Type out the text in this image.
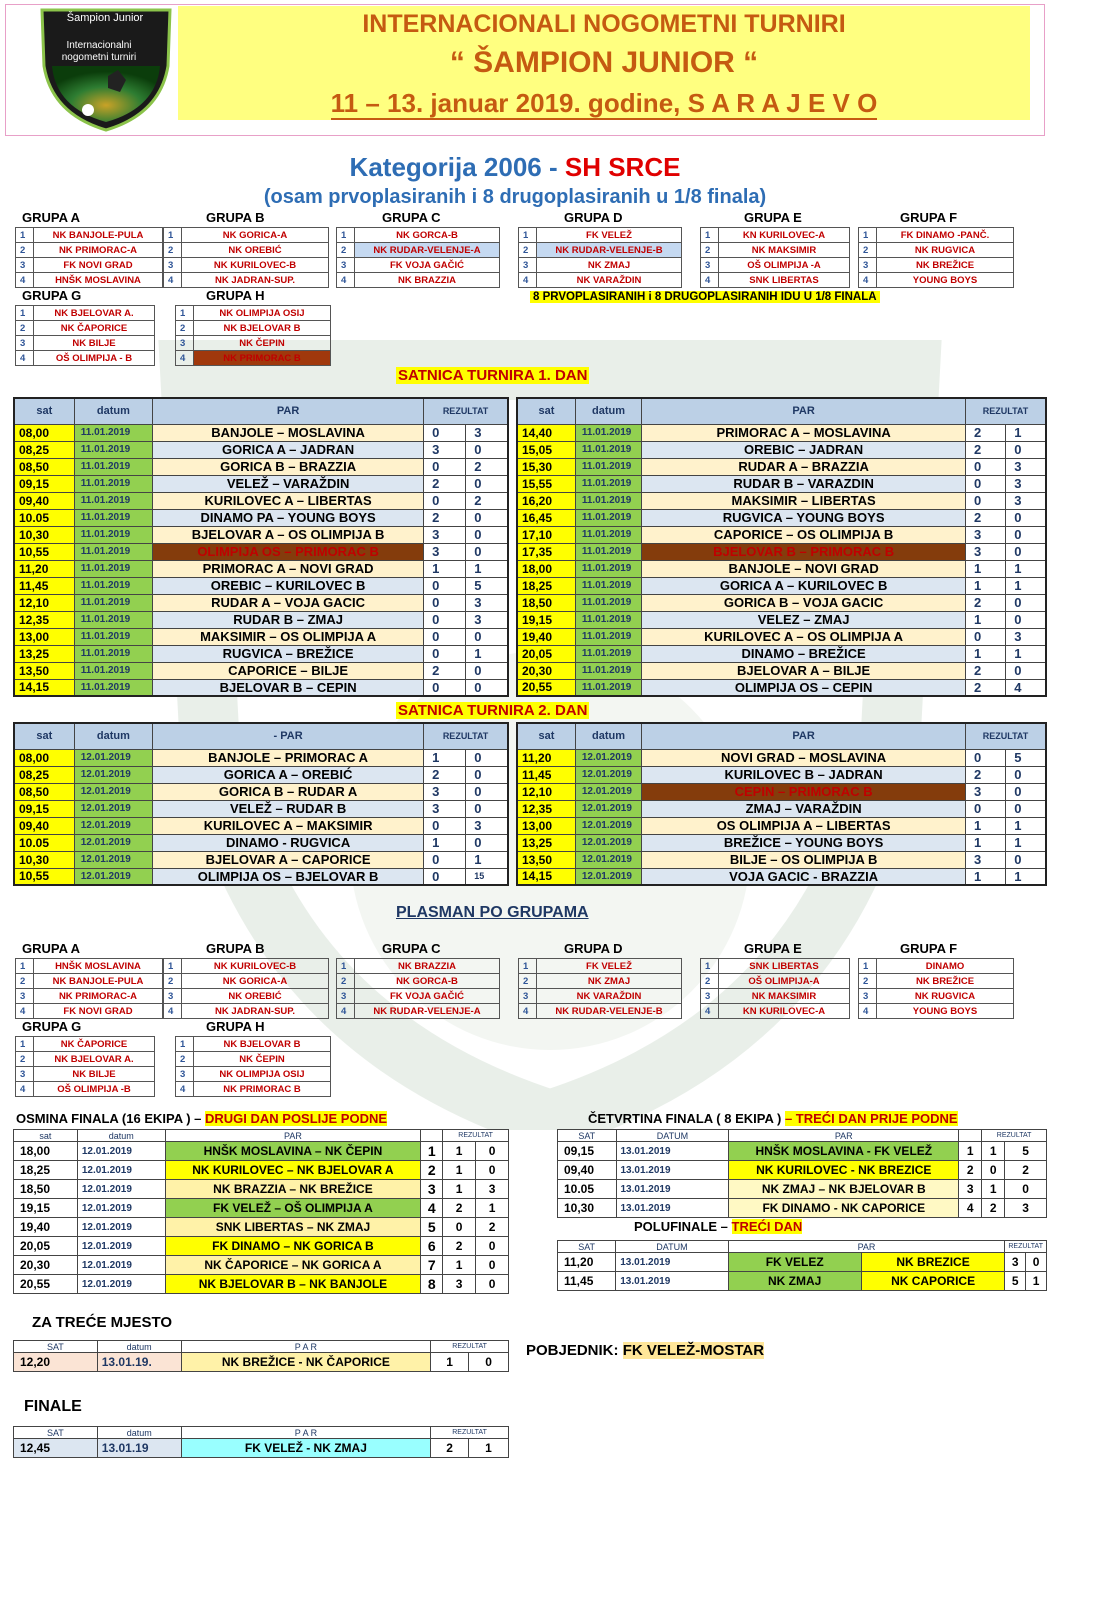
INTERNACIONALI NOGOMETNI TURNIRI
“ ŠAMPION JUNIOR “
11 – 13. januar 2019. godine, S A R A J E V O
Šampion Junior
Internacionalni
nogometni turniri
Kategorija 2006 - SH SRCE
(osam prvoplasiranih i 8 drugoplasiranih u 1/8 finala)
8 PRVOPLASIRANIH i 8 DRUGOPLASIRANIH IDU U 1/8 FINALA
SATNICA TURNIRA 1. DAN
sat	datum	PAR	REZULTAT	
08,00	11.01.2019	BANJOLE – MOSLAVINA	0	3
08,25	11.01.2019	GORICA A – JADRAN	3	0
08,50	11.01.2019	GORICA B – BRAZZIA	0	2
09,15	11.01.2019	VELEŽ – VARAŽDIN	2	0
09,40	11.01.2019	KURILOVEC A – LIBERTAS	0	2
10.05	11.01.2019	DINAMO PA – YOUNG BOYS	2	0
10,30	11.01.2019	BJELOVAR A – OS OLIMPIJA B	3	0
10,55	11.01.2019	OLIMPIJA OS – PRIMORAC B	3	0
11,20	11.01.2019	PRIMORAC A – NOVI GRAD	1	1
11,45	11.01.2019	OREBIC – KURILOVEC B	0	5
12,10	11.01.2019	RUDAR A – VOJA GACIC	0	3
12,35	11.01.2019	RUDAR B – ZMAJ	0	3
13,00	11.01.2019	MAKSIMIR – OS OLIMPIJA A	0	0
13,25	11.01.2019	RUGVICA – BREŽICE	0	1
13,50	11.01.2019	CAPORICE – BILJE	2	0
14,15	11.01.2019	BJELOVAR B – CEPIN	0	0
sat	datum	PAR	REZULTAT	
14,40	11.01.2019	PRIMORAC A – MOSLAVINA	2	1
15,05	11.01.2019	OREBIC – JADRAN	2	0
15,30	11.01.2019	RUDAR A – BRAZZIA	0	3
15,55	11.01.2019	RUDAR B – VARAZDIN	0	3
16,20	11.01.2019	MAKSIMIR – LIBERTAS	0	3
16,45	11.01.2019	RUGVICA – YOUNG BOYS	2	0
17,10	11.01.2019	CAPORICE – OS OLIMPIJA B	3	0
17,35	11.01.2019	BJELOVAR B – PRIMORAC B	3	0
18,00	11.01.2019	BANJOLE – NOVI GRAD	1	1
18,25	11.01.2019	GORICA A – KURILOVEC B	1	1
18,50	11.01.2019	GORICA B – VOJA GACIC	2	0
19,15	11.01.2019	VELEZ – ZMAJ	1	0
19,40	11.01.2019	KURILOVEC A – OS OLIMPIJA A	0	3
20,05	11.01.2019	DINAMO – BREŽICE	1	1
20,30	11.01.2019	BJELOVAR A – BILJE	2	0
20,55	11.01.2019	OLIMPIJA OS – CEPIN	2	4
SATNICA TURNIRA 2. DAN
sat	datum	- PAR	REZULTAT	
08,00	12.01.2019	BANJOLE – PRIMORAC A	1	0
08,25	12.01.2019	GORICA A – OREBIĆ	2	0
08,50	12.01.2019	GORICA B – RUDAR A	3	0
09,15	12.01.2019	VELEŽ – RUDAR B	3	0
09,40	12.01.2019	KURILOVEC A – MAKSIMIR	0	3
10.05	12.01.2019	DINAMO - RUGVICA	1	0
10,30	12.01.2019	BJELOVAR A – CAPORICE	0	1
10,55	12.01.2019	OLIMPIJA OS – BJELOVAR B	0	15
sat	datum	PAR	REZULTAT	
11,20	12.01.2019	NOVI GRAD – MOSLAVINA	0	5
11,45	12.01.2019	KURILOVEC B – JADRAN	2	0
12,10	12.01.2019	CEPIN – PRIMORAC B	3	0
12,35	12.01.2019	ZMAJ – VARAŽDIN	0	0
13,00	12.01.2019	OS OLIMPIJA A – LIBERTAS	1	1
13,25	12.01.2019	BREŽICE – YOUNG BOYS	1	1
13,50	12.01.2019	BILJE – OS OLIMPIJA B	3	0
14,15	12.01.2019	VOJA GACIC - BRAZZIA	1	1
PLASMAN PO GRUPAMA
OSMINA FINALA (16 EKIPA ) – DRUGI DAN POSLIJE PODNE
sat	datum	PAR		REZULTAT	
18,00	12.01.2019	HNŠK MOSLAVINA – NK ČEPIN	1	1	0
18,25	12.01.2019	NK KURILOVEC – NK BJELOVAR A	2	1	0
18,50	12.01.2019	NK BRAZZIA – NK BREŽICE	3	1	3
19,15	12.01.2019	FK VELEŽ – OŠ OLIMPIJA A	4	2	1
19,40	12.01.2019	SNK LIBERTAS – NK ZMAJ	5	0	2
20,05	12.01.2019	FK DINAMO – NK GORICA B	6	2	0
20,30	12.01.2019	NK ČAPORICE – NK GORICA A	7	1	0
20,55	12.01.2019	NK BJELOVAR B – NK BANJOLE	8	3	0
ČETVRTINA FINALA ( 8 EKIPA ) – TREĆI DAN PRIJE PODNE
SAT	DATUM	PAR		REZULTAT	
09,15	13.01.2019	HNŠK MOSLAVINA - FK VELEŽ	1	1	5
09,40	13.01.2019	NK KURILOVEC - NK BREZICE	2	0	2
10.05	13.01.2019	NK ZMAJ – NK BJELOVAR B	3	1	0
10,30	13.01.2019	FK DINAMO - NK CAPORICE	4	2	3
POLUFINALE – TREĆI DAN
SAT	DATUM	PAR		REZULTAT	
11,20	13.01.2019	FK VELEZ	NK BREZICE	3	0
11,45	13.01.2019	NK ZMAJ	NK CAPORICE	5	1
ZA TREĆE MJESTO
SAT	datum	P A R	REZULTAT	
12,20	13.01.19.	NK BREŽICE - NK ČAPORICE	1	0
POBJEDNIK: FK VELEŽ-MOSTAR
FINALE
SAT	datum	P A R	REZULTAT	
12,45	13.01.19	FK VELEŽ - NK ZMAJ	2	1
GRUPA A
1	NK BANJOLE-PULA
2	NK PRIMORAC-A
3	FK NOVI GRAD
4	HNŠK MOSLAVINA
GRUPA B
1	NK GORICA-A
2	NK OREBIĆ
3	NK KURILOVEC-B
4	NK JADRAN-SUP.
GRUPA C
1	NK GORCA-B
2	NK RUDAR-VELENJE-A
3	FK VOJA GAČIĆ
4	NK BRAZZIA
GRUPA D
1	FK VELEŽ
2	NK RUDAR-VELENJE-B
3	NK ZMAJ
4	NK VARAŽDIN
GRUPA E
1	KN KURILOVEC-A
2	NK MAKSIMIR
3	OŠ OLIMPIJA -A
4	SNK LIBERTAS
GRUPA F
1	FK DINAMO -PANČ.
2	NK RUGVICA
3	NK BREŽICE
4	YOUNG BOYS
GRUPA G
1	NK BJELOVAR A.
2	NK ČAPORICE
3	NK BILJE
4	OŠ OLIMPIJA - B
GRUPA H
1	NK OLIMPIJA OSIJ
2	NK BJELOVAR B
3	NK ČEPIN
4	NK PRIMORAC B
GRUPA A
1	HNŠK MOSLAVINA
2	NK BANJOLE-PULA
3	NK PRIMORAC-A
4	FK NOVI GRAD
GRUPA B
1	NK KURILOVEC-B
2	NK GORICA-A
3	NK OREBIĆ
4	NK JADRAN-SUP.
GRUPA C
1	NK BRAZZIA
2	NK GORCA-B
3	FK VOJA GAČIĆ
4	NK RUDAR-VELENJE-A
GRUPA D
1	FK VELEŽ
2	NK ZMAJ
3	NK VARAŽDIN
4	NK RUDAR-VELENJE-B
GRUPA E
1	SNK LIBERTAS
2	OŠ OLIMPIJA-A
3	NK MAKSIMIR
4	KN KURILOVEC-A
GRUPA F
1	DINAMO
2	NK BREŽICE
3	NK RUGVICA
4	YOUNG BOYS
GRUPA G
1	NK ČAPORICE
2	NK BJELOVAR A.
3	NK BILJE
4	OŠ OLIMPIJA -B
GRUPA H
1	NK BJELOVAR B
2	NK ČEPIN
3	NK OLIMPIJA OSIJ
4	NK PRIMORAC B
